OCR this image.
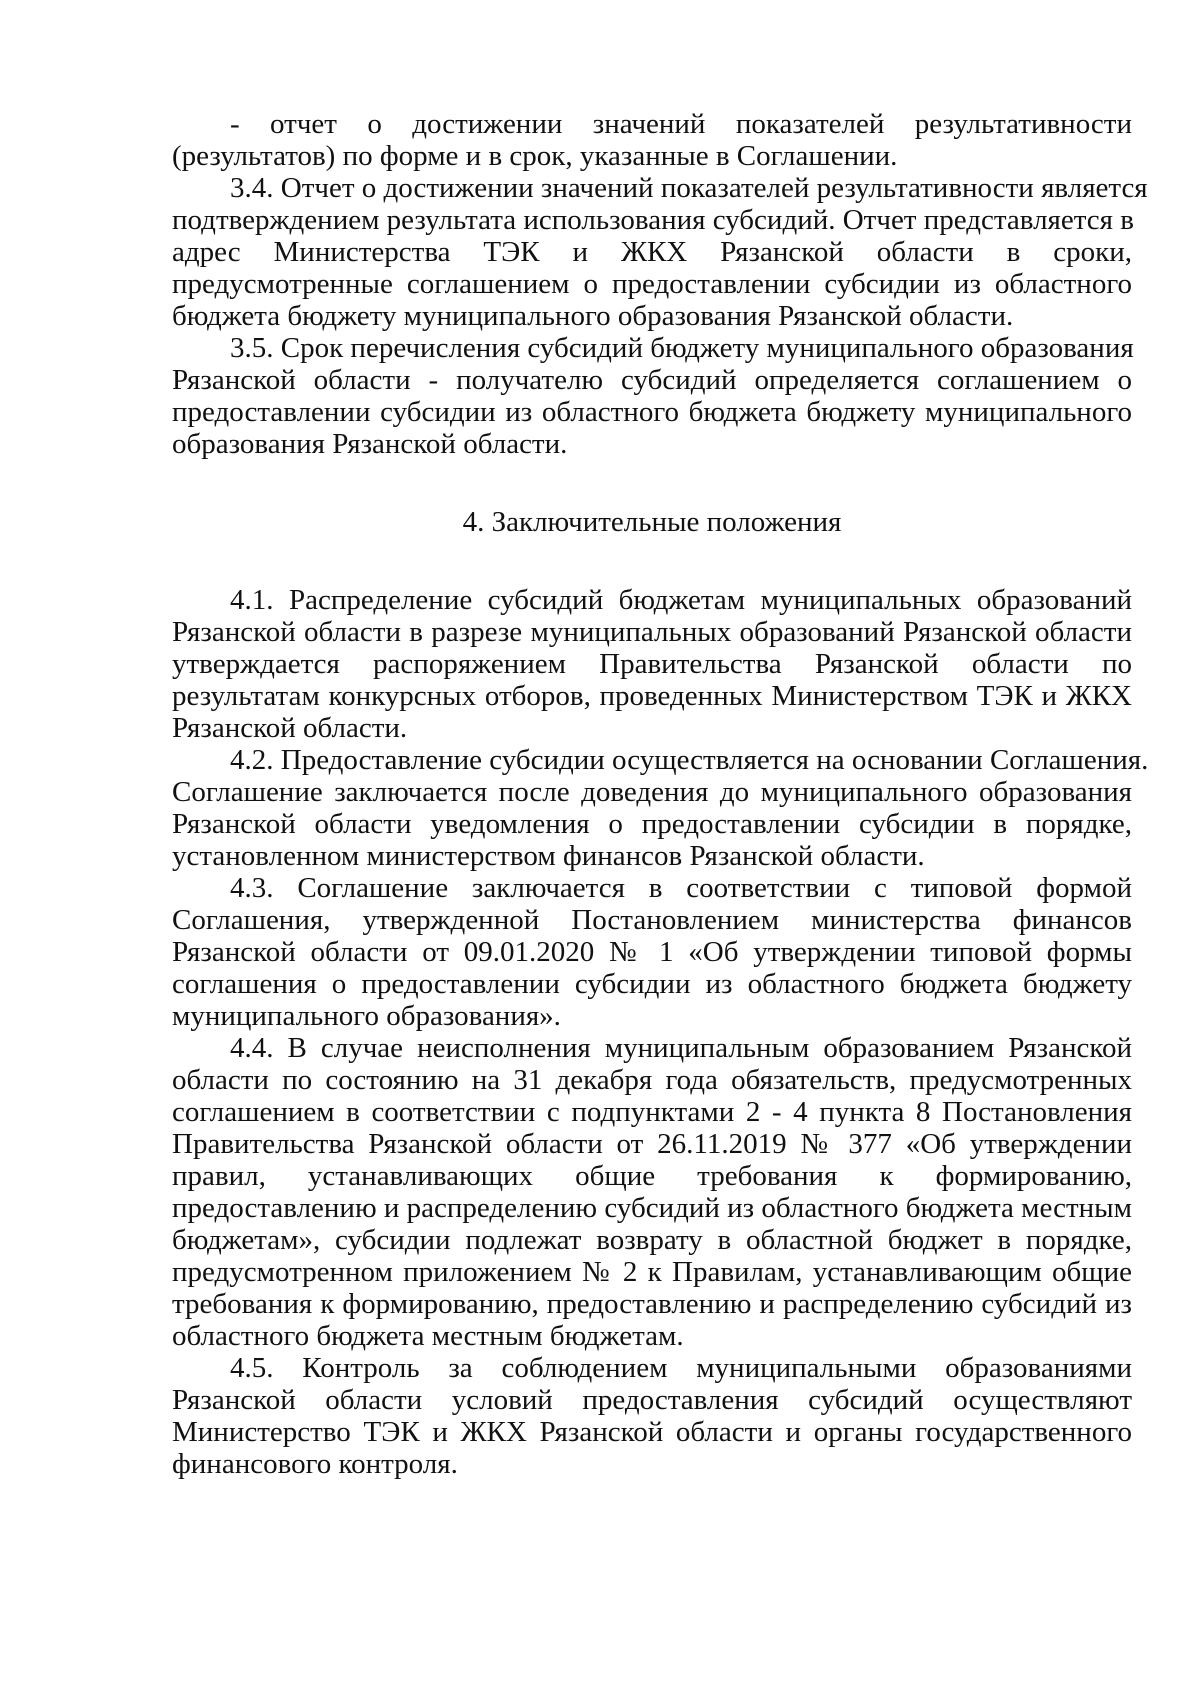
- отчет о достижении значений показателей результативности

(результатов) по форме и в срок, указанные в Соглашении.

3.4. Отчет о достижении значений показателей результативности является

подтверждением результата использования субсидий. Отчет представляется в

адрес Министерства ТЭК и ЖКХ Рязанской области в сроки,

предусмотренные соглашением о предоставлении субсидии из областного

бюджета бюджету муниципального образования Рязанской области.

3.5. Срок перечисления субсидий бюджету муниципального образования

Рязанской области - получателю субсидий определяется соглашением о

предоставлении субсидии из областного бюджета бюджету муниципального

образования Рязанской области.

4. Заключительные положения

4.1. Распределение субсидий бюджетам муниципальных образований

Рязанской области в разрезе муниципальных образований Рязанской области

утверждается распоряжением Правительства Рязанской области по

результатам конкурсных отборов, проведенных Министерством ТЭК и ЖКХ

Рязанской области.

4.2. Предоставление субсидии осуществляется на основании Соглашения.

Соглашение заключается после доведения до муниципального образования

Рязанской области уведомления о предоставлении субсидии в порядке,

установленном министерством финансов Рязанской области.

4.3. Соглашение заключается в соответствии с типовой формой

Соглашения, утвержденной Постановлением министерства финансов

Рязанской области от 09.01.2020 № 1 «Об утверждении типовой формы

соглашения о предоставлении субсидии из областного бюджета бюджету

муниципального образования».

4.4. В случае неисполнения муниципальным образованием Рязанской

области по состоянию на 31 декабря года обязательств, предусмотренных

соглашением в соответствии с подпунктами 2 - 4 пункта 8 Постановления

Правительства Рязанской области от 26.11.2019 № 377 «Об утверждении

правил, устанавливающих общие требования к формированию,

предоставлению и распределению субсидий из областного бюджета местным

бюджетам», субсидии подлежат возврату в областной бюджет в порядке,

предусмотренном приложением № 2 к Правилам, устанавливающим общие

требования к формированию, предоставлению и распределению субсидий из

областного бюджета местным бюджетам.

4.5. Контроль за соблюдением муниципальными образованиями

Рязанской области условий предоставления субсидий осуществляют

Министерство ТЭК и ЖКХ Рязанской области и органы государственного

финансового контроля.
